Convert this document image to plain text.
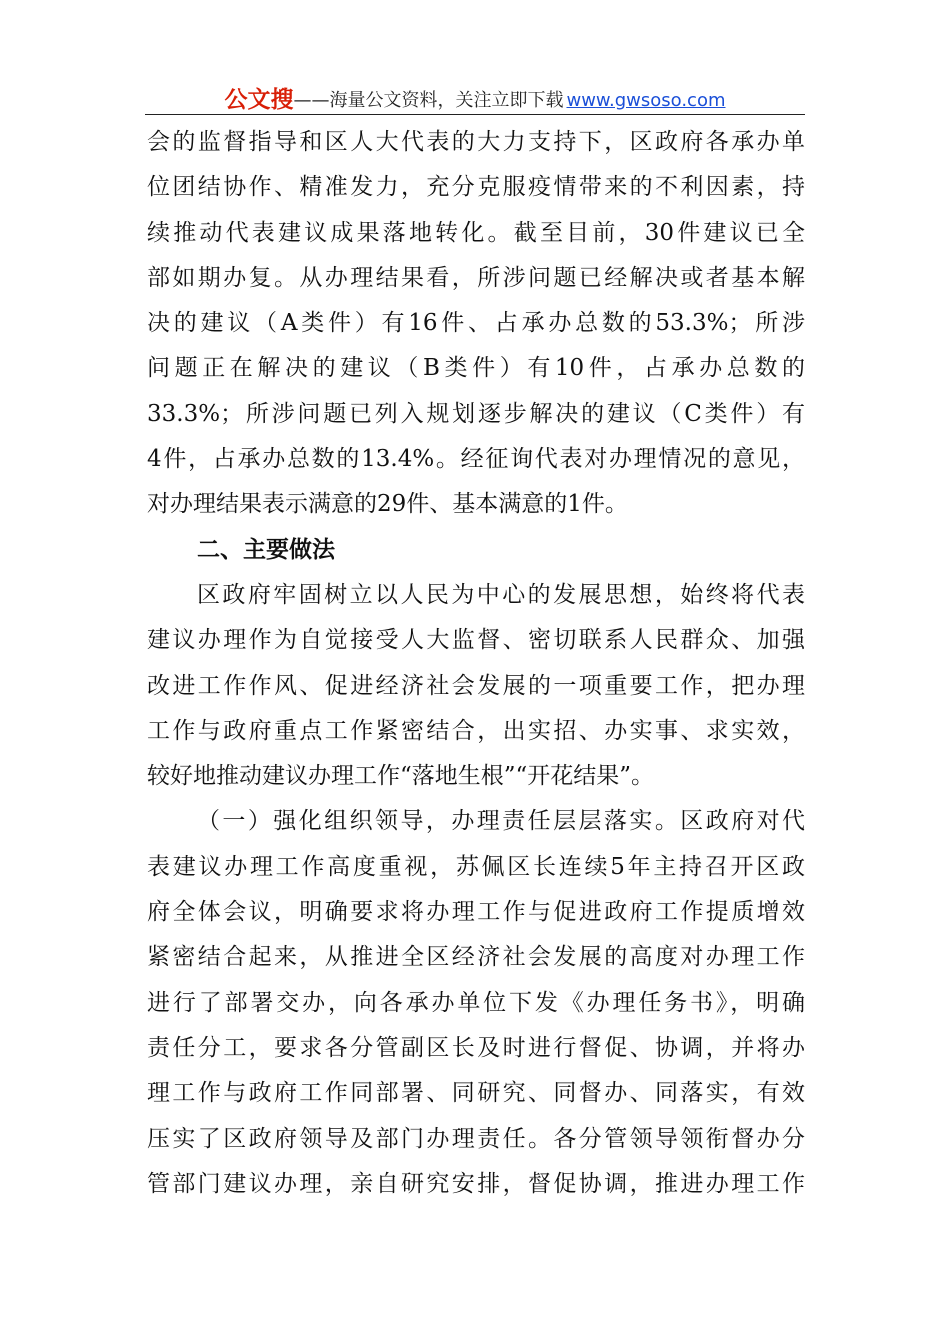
公文搜 ——海量公文资料，关注立即下载 www.gwsoso.com
会的监督指导和区人大代表的大力支持下，区政府各承办单
位团结协作、精准发力，充分克服疫情带来的不利因素，持
续推动代表建议成果落地转化。截至目前，30件建议已全
部如期办复。从办理结果看，所涉问题已经解决或者基本解
决的建议（A类件）有16件、占承办总数的53.3%；所涉
问题正在解决的建议（B类件）有10件，占承办总数的
33.3%；所涉问题已列入规划逐步解决的建议（C类件）有
4件，占承办总数的13.4%。经征询代表对办理情况的意见，
对办理结果表示满意的29件、基本满意的1件。
二、主要做法
区政府牢固树立以人民为中心的发展思想，始终将代表
建议办理作为自觉接受人大监督、密切联系人民群众、加强
改进工作作风、促进经济社会发展的一项重要工作，把办理
工作与政府重点工作紧密结合，出实招、办实事、求实效，
较好地推动建议办理工作“落地生根”“开花结果”。
（一）强化组织领导，办理责任层层落实。区政府对代
表建议办理工作高度重视，苏佩区长连续5年主持召开区政
府全体会议，明确要求将办理工作与促进政府工作提质增效
紧密结合起来，从推进全区经济社会发展的高度对办理工作
进行了部署交办，向各承办单位下发《办理任务书》，明确
责任分工，要求各分管副区长及时进行督促、协调，并将办
理工作与政府工作同部署、同研究、同督办、同落实，有效
压实了区政府领导及部门办理责任。各分管领导领衔督办分
管部门建议办理，亲自研究安排，督促协调，推进办理工作
